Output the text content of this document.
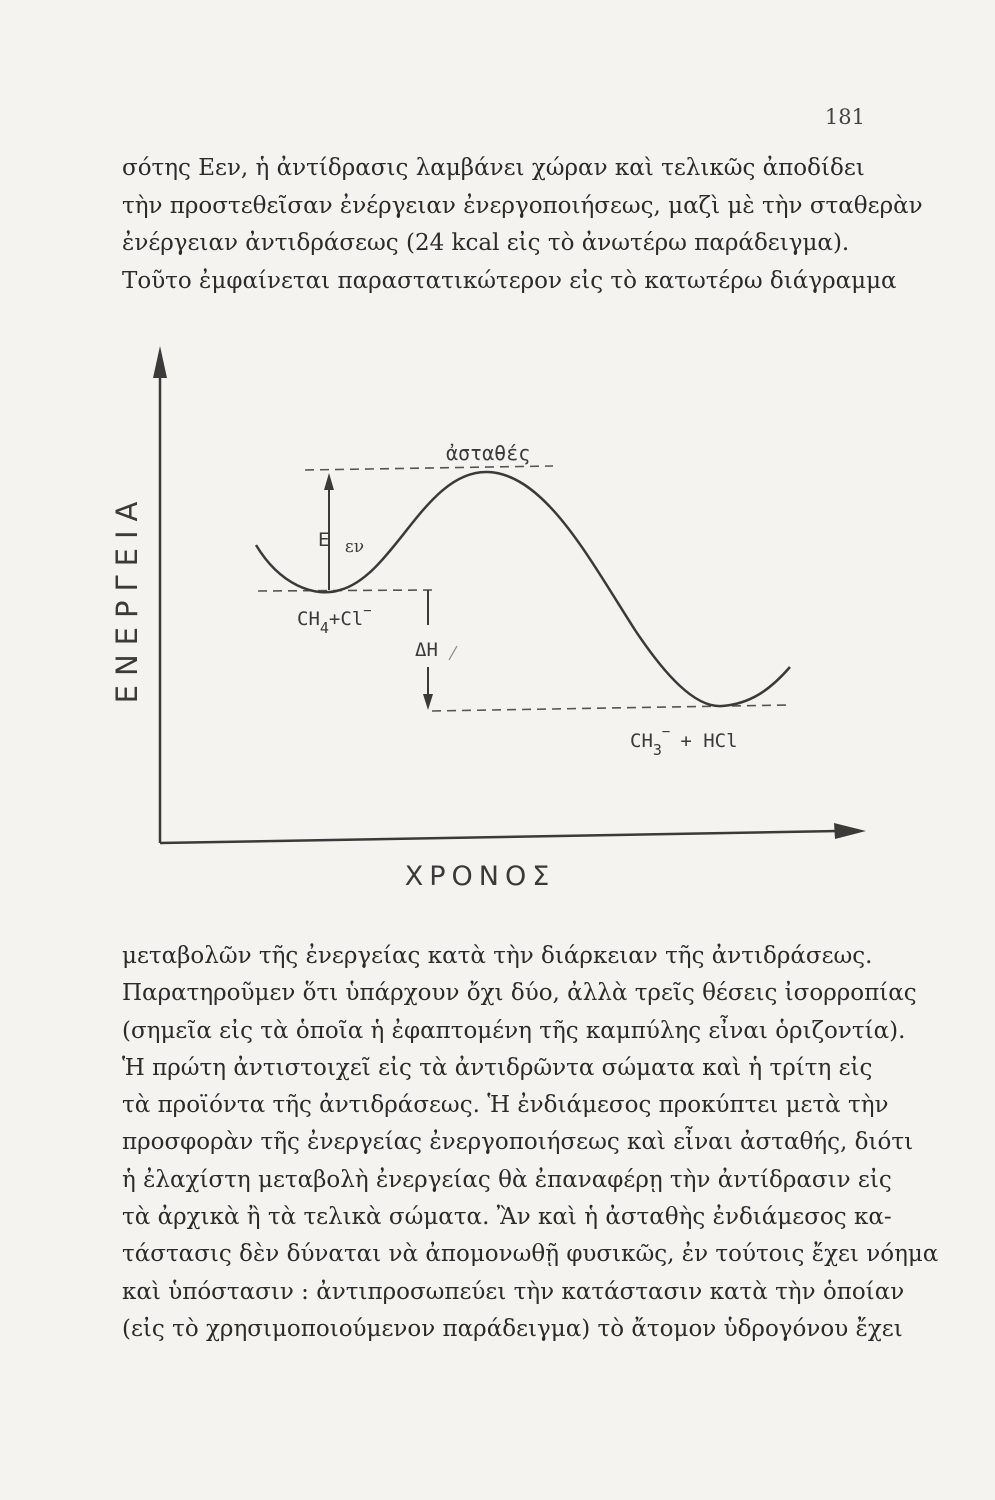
181

σότης Eεν, ἡ ἀντίδρασις λαμβάνει χώραν καὶ τελικῶς ἀποδίδει
τὴν προστεθεῖσαν ἐνέργειαν ἐνεργοποιήσεως, μαζὶ μὲ τὴν σταθερὰν
ἐνέργειαν ἀντιδράσεως (24 kcal εἰς τὸ ἀνωτέρω παράδειγμα).
Τοῦτο ἐμφαίνεται παραστατικώτερον εἰς τὸ κατωτέρω διάγραμμα

ἀσταθές
E εν
$CH_4+Cl^-$
ΔH
$CH_3^-$ + HCl
ΕΝΕΡΓΕΙΑ
ΧΡΟΝΟΣ

μεταβολῶν τῆς ἐνεργείας κατὰ τὴν διάρκειαν τῆς ἀντιδράσεως.
Παρατηροῦμεν ὅτι ὑπάρχουν ὄχι δύο, ἀλλὰ τρεῖς θέσεις ἰσορροπίας
(σημεῖα εἰς τὰ ὁποῖα ἡ ἐφαπτομένη τῆς καμπύλης εἶναι ὁριζοντία).
Ἡ πρώτη ἀντιστοιχεῖ εἰς τὰ ἀντιδρῶντα σώματα καὶ ἡ τρίτη εἰς
τὰ προϊόντα τῆς ἀντιδράσεως. Ἡ ἐνδιάμεσος προκύπτει μετὰ τὴν
προσφορὰν τῆς ἐνεργείας ἐνεργοποιήσεως καὶ εἶναι ἀσταθής, διότι
ἡ ἐλαχίστη μεταβολὴ ἐνεργείας θὰ ἐπαναφέρῃ τὴν ἀντίδρασιν εἰς
τὰ ἀρχικὰ ἢ τὰ τελικὰ σώματα. Ἂν καὶ ἡ ἀσταθὴς ἐνδιάμεσος κα-
τάστασις δὲν δύναται νὰ ἀπομονωθῇ φυσικῶς, ἐν τούτοις ἔχει νόημα
καὶ ὑπόστασιν : ἀντιπροσωπεύει τὴν κατάστασιν κατὰ τὴν ὁποίαν
(εἰς τὸ χρησιμοποιούμενον παράδειγμα) τὸ ἄτομον ὑδρογόνου ἔχει
